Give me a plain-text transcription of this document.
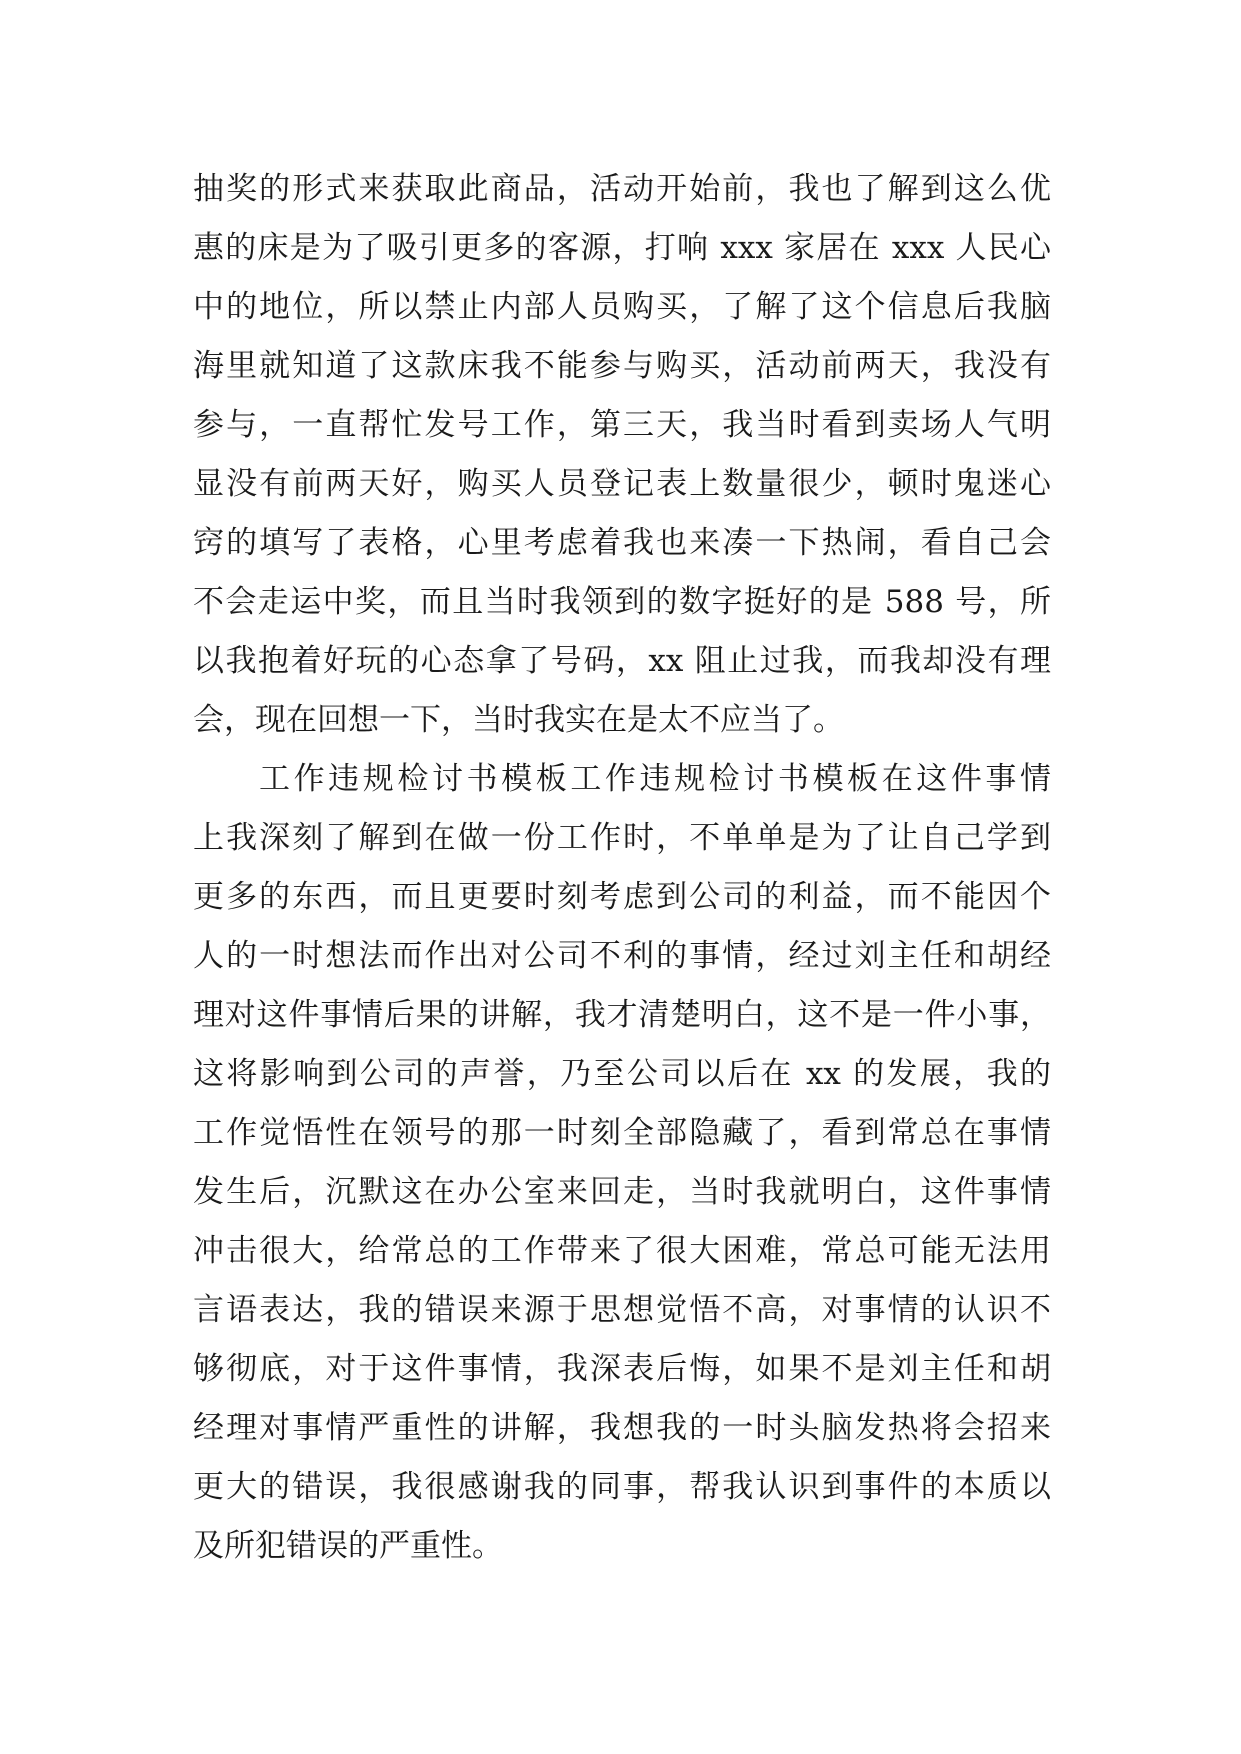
抽奖的形式来获取此商品，活动开始前，我也了解到这么优

惠的床是为了吸引更多的客源，打响 xxx 家居在 xxx 人民心

中的地位，所以禁止内部人员购买，了解了这个信息后我脑

海里就知道了这款床我不能参与购买，活动前两天，我没有

参与，一直帮忙发号工作，第三天，我当时看到卖场人气明

显没有前两天好，购买人员登记表上数量很少，顿时鬼迷心

窍的填写了表格，心里考虑着我也来凑一下热闹，看自己会

不会走运中奖，而且当时我领到的数字挺好的是 588 号，所

以我抱着好玩的心态拿了号码，xx 阻止过我，而我却没有理

会，现在回想一下，当时我实在是太不应当了。

工作违规检讨书模板工作违规检讨书模板在这件事情

上我深刻了解到在做一份工作时，不单单是为了让自己学到

更多的东西，而且更要时刻考虑到公司的利益，而不能因个

人的一时想法而作出对公司不利的事情，经过刘主任和胡经

理对这件事情后果的讲解，我才清楚明白，这不是一件小事，

这将影响到公司的声誉，乃至公司以后在 xx 的发展，我的

工作觉悟性在领号的那一时刻全部隐藏了，看到常总在事情

发生后，沉默这在办公室来回走，当时我就明白，这件事情

冲击很大，给常总的工作带来了很大困难，常总可能无法用

言语表达，我的错误来源于思想觉悟不高，对事情的认识不

够彻底，对于这件事情，我深表后悔，如果不是刘主任和胡

经理对事情严重性的讲解，我想我的一时头脑发热将会招来

更大的错误，我很感谢我的同事，帮我认识到事件的本质以

及所犯错误的严重性。
